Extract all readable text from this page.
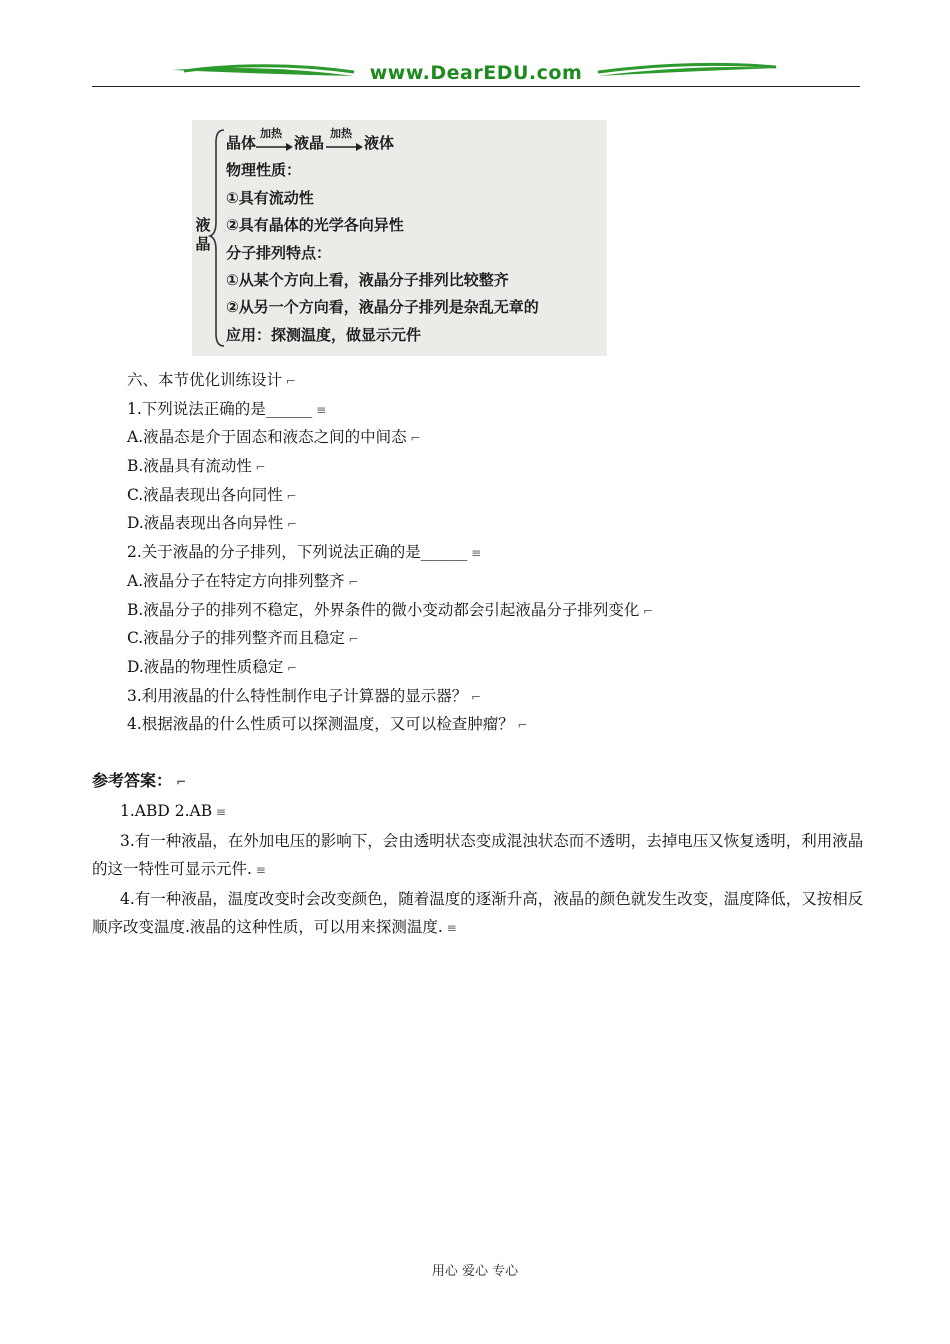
www.DearEDU.com
液
晶
晶体
加热
液晶
加热
液体
物理性质：
①具有流动性
②具有晶体的光学各向异性
分子排列特点：
①从某个方向上看，液晶分子排列比较整齐
②从另一个方向看，液晶分子排列是杂乱无章的
应用：探测温度，做显示元件
六、本节优化训练设计 ⌐
1.下列说法正确的是______ ≡
A.液晶态是介于固态和液态之间的中间态 ⌐
B.液晶具有流动性 ⌐
C.液晶表现出各向同性 ⌐
D.液晶表现出各向异性 ⌐
2.关于液晶的分子排列，下列说法正确的是______ ≡
A.液晶分子在特定方向排列整齐 ⌐
B.液晶分子的排列不稳定，外界条件的微小变动都会引起液晶分子排列变化 ⌐
C.液晶分子的排列整齐而且稳定 ⌐
D.液晶的物理性质稳定 ⌐
3.利用液晶的什么特性制作电子计算器的显示器？ ⌐
4.根据液晶的什么性质可以探测温度，又可以检查肿瘤？ ⌐
参考答案： ⌐
1.ABD 2.AB ≡
3.有一种液晶，在外加电压的影响下，会由透明状态变成混浊状态而不透明，去掉电压又恢复透明，利用液晶的这一特性可显示元件. ≡
4.有一种液晶，温度改变时会改变颜色，随着温度的逐渐升高，液晶的颜色就发生改变，温度降低，又按相反顺序改变温度.液晶的这种性质，可以用来探测温度. ≡
用心 爱心 专心
